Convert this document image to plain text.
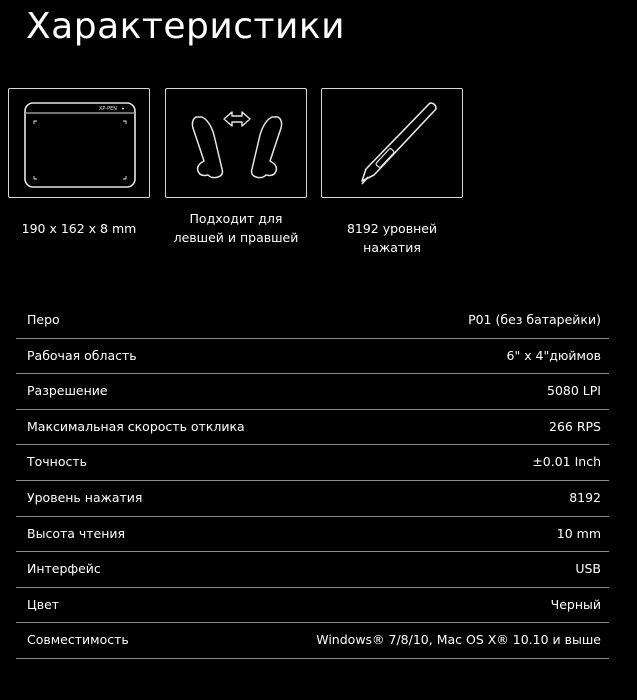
Характеристики
XP-PEN
190 x 162 x 8 mm
Подходит для
левшей и правшей
8192 уровней нажатия
Перо	P01 (без батарейки)
Рабочая область	6" x 4"дюймов
Разрешение	5080 LPI
Максимальная скорость отклика	266 RPS
Точность	±0.01 Inch
Уровень нажатия	8192
Высота чтения	10 mm
Интерфейс	USB
Цвет	Черный
Совместимость	Windows® 7/8/10, Mac OS X® 10.10 и выше
